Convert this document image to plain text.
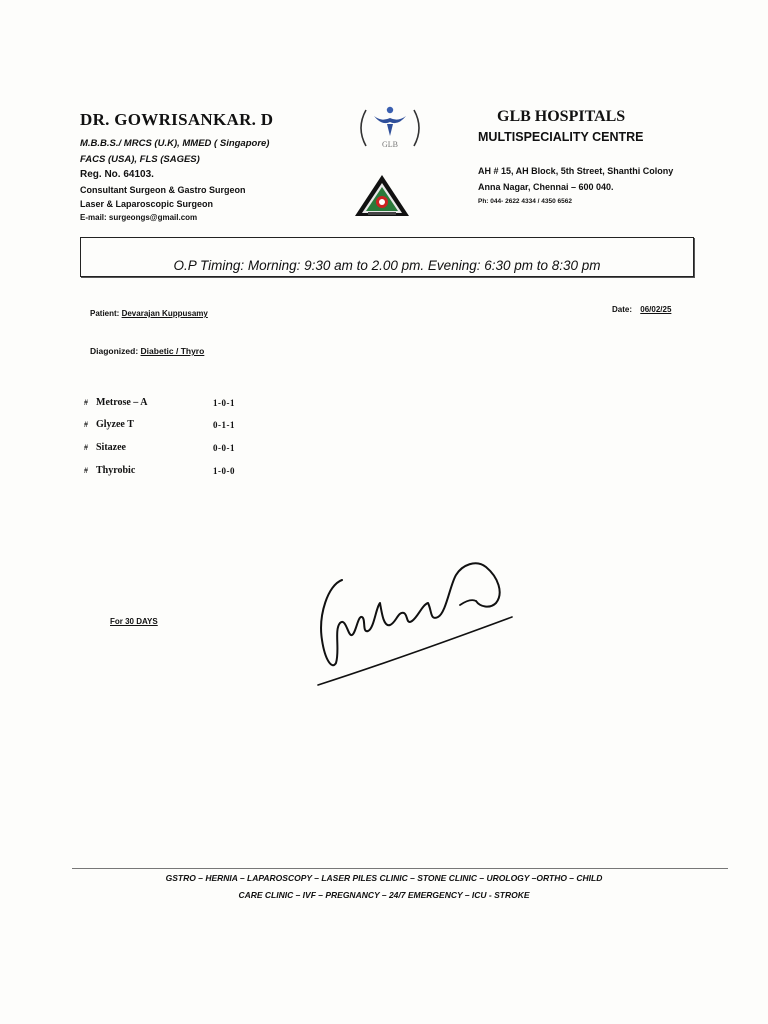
DR. GOWRISANKAR. D
M.B.B.S./ MRCS (U.K), MMED ( Singapore)
FACS (USA), FLS (SAGES)
Reg. No. 64103.
Consultant Surgeon & Gastro Surgeon
Laser & Laparoscopic Surgeon
E-mail: surgeongs@gmail.com
GLB
GLB HOSPITALS
MULTISPECIALITY CENTRE
AH # 15, AH Block, 5th Street, Shanthi Colony
Anna Nagar, Chennai – 600 040.
Ph: 044- 2622 4334 / 4350 6562
O.P Timing: Morning: 9:30 am to 2.00 pm. Evening: 6:30 pm to 8:30 pm
Patient: Devarajan Kuppusamy	Date: 06/02/25
Diagonized: Diabetic / Thyro
# Metrose – A	1-0-1
# Glyzee T	0-1-1
# Sitazee	0-0-1
# Thyrobic	1-0-0
For 30 DAYS
GSTRO – HERNIA – LAPAROSCOPY – LASER PILES CLINIC – STONE CLINIC – UROLOGY –ORTHO – CHILD
CARE CLINIC – IVF – PREGNANCY – 24/7 EMERGENCY – ICU - STROKE
